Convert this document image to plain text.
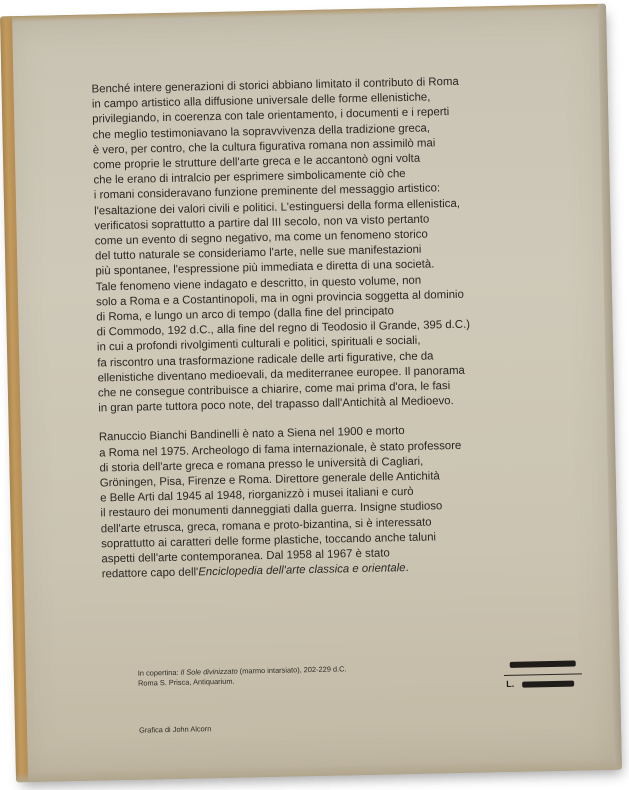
Benché intere generazioni di storici abbiano limitato il contributo di Roma
in campo artistico alla diffusione universale delle forme ellenistiche,
privilegiando, in coerenza con tale orientamento, i documenti e i reperti
che meglio testimoniavano la sopravvivenza della tradizione greca,
è vero, per contro, che la cultura figurativa romana non assimilò mai
come proprie le strutture dell'arte greca e le accantonò ogni volta
che le erano di intralcio per esprimere simbolicamente ciò che
i romani consideravano funzione preminente del messaggio artistico:
l'esaltazione dei valori civili e politici. L'estinguersi della forma ellenistica,
verificatosi soprattutto a partire dal III secolo, non va visto pertanto
come un evento di segno negativo, ma come un fenomeno storico
del tutto naturale se consideriamo l'arte, nelle sue manifestazioni
più spontanee, l'espressione più immediata e diretta di una società.
Tale fenomeno viene indagato e descritto, in questo volume, non
solo a Roma e a Costantinopoli, ma in ogni provincia soggetta al dominio
di Roma, e lungo un arco di tempo (dalla fine del principato
di Commodo, 192 d.C., alla fine del regno di Teodosio il Grande, 395 d.C.)
in cui a profondi rivolgimenti culturali e politici, spirituali e sociali,
fa riscontro una trasformazione radicale delle arti figurative, che da
ellenistiche diventano medioevali, da mediterranee europee. Il panorama
che ne consegue contribuisce a chiarire, come mai prima d'ora, le fasi
in gran parte tuttora poco note, del trapasso dall'Antichità al Medioevo.

Ranuccio Bianchi Bandinelli è nato a Siena nel 1900 e morto
a Roma nel 1975. Archeologo di fama internazionale, è stato professore
di storia dell'arte greca e romana presso le università di Cagliari,
Gröningen, Pisa, Firenze e Roma. Direttore generale delle Antichità
e Belle Arti dal 1945 al 1948, riorganizzò i musei italiani e curò
il restauro dei monumenti danneggiati dalla guerra. Insigne studioso
dell'arte etrusca, greca, romana e proto-bizantina, si è interessato
soprattutto ai caratteri delle forme plastiche, toccando anche taluni
aspetti dell'arte contemporanea. Dal 1958 al 1967 è stato
redattore capo dell'Enciclopedia dell'arte classica e orientale.

In copertina: Il Sole divinizzato (marmo intarsiato), 202-229 d.C.
Roma S. Prisca, Antiquarium.
Grafica di John Alcorn
L.
